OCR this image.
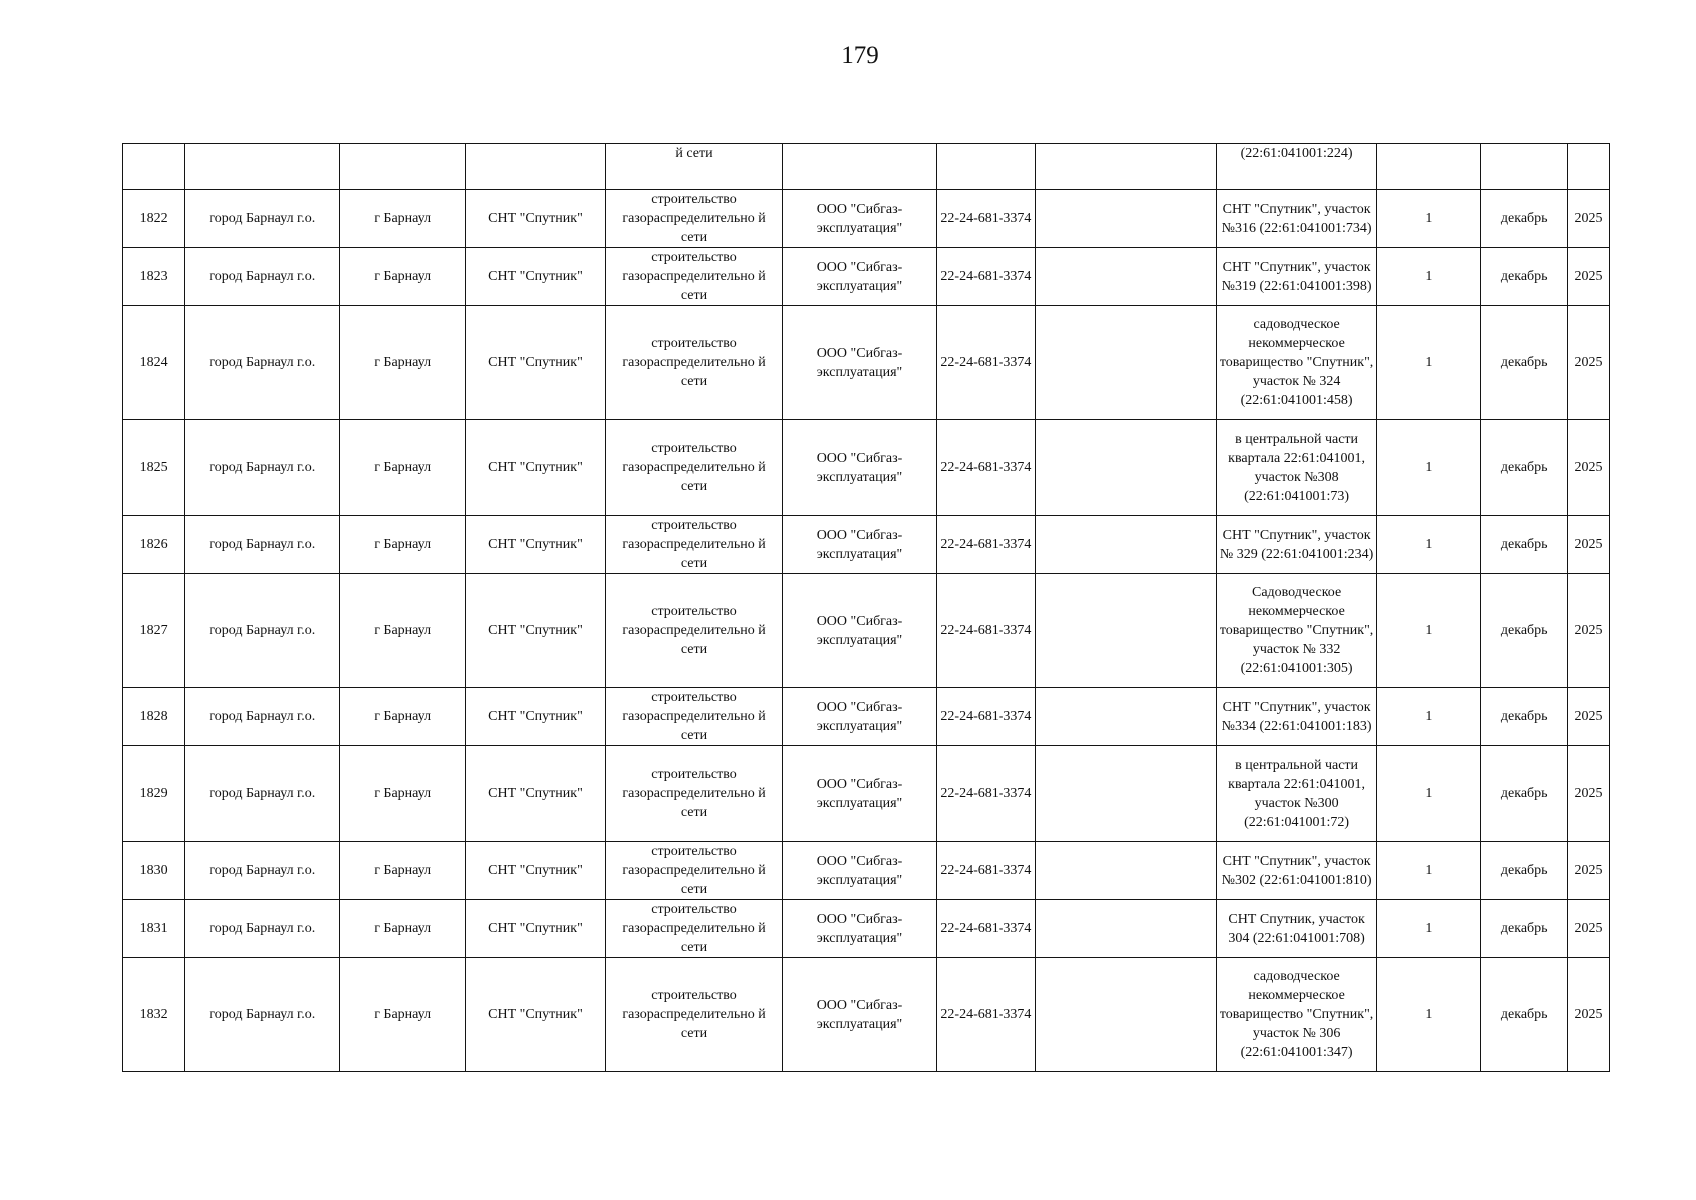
179
				й сети				(22:61:041001:224)			
1822	город Барнаул г.о.	г Барнаул	СНТ "Спутник"	строительство газораспределительно й сети	ООО "Сибгаз-эксплуатация"	22-24-681-3374		СНТ "Спутник", участок №316 (22:61:041001:734)	1	декабрь	2025
1823	город Барнаул г.о.	г Барнаул	СНТ "Спутник"	строительство газораспределительно й сети	ООО "Сибгаз-эксплуатация"	22-24-681-3374		СНТ "Спутник", участок №319 (22:61:041001:398)	1	декабрь	2025
1824	город Барнаул г.о.	г Барнаул	СНТ "Спутник"	строительство газораспределительно й сети	ООО "Сибгаз-эксплуатация"	22-24-681-3374		садоводческое некоммерческое товарищество "Спутник", участок № 324 (22:61:041001:458)	1	декабрь	2025
1825	город Барнаул г.о.	г Барнаул	СНТ "Спутник"	строительство газораспределительно й сети	ООО "Сибгаз-эксплуатация"	22-24-681-3374		в центральной части квартала 22:61:041001, участок №308 (22:61:041001:73)	1	декабрь	2025
1826	город Барнаул г.о.	г Барнаул	СНТ "Спутник"	строительство газораспределительно й сети	ООО "Сибгаз-эксплуатация"	22-24-681-3374		СНТ "Спутник", участок № 329 (22:61:041001:234)	1	декабрь	2025
1827	город Барнаул г.о.	г Барнаул	СНТ "Спутник"	строительство газораспределительно й сети	ООО "Сибгаз-эксплуатация"	22-24-681-3374		Садоводческое некоммерческое товарищество "Спутник", участок № 332 (22:61:041001:305)	1	декабрь	2025
1828	город Барнаул г.о.	г Барнаул	СНТ "Спутник"	строительство газораспределительно й сети	ООО "Сибгаз-эксплуатация"	22-24-681-3374		СНТ "Спутник", участок №334 (22:61:041001:183)	1	декабрь	2025
1829	город Барнаул г.о.	г Барнаул	СНТ "Спутник"	строительство газораспределительно й сети	ООО "Сибгаз-эксплуатация"	22-24-681-3374		в центральной части квартала 22:61:041001, участок №300 (22:61:041001:72)	1	декабрь	2025
1830	город Барнаул г.о.	г Барнаул	СНТ "Спутник"	строительство газораспределительно й сети	ООО "Сибгаз-эксплуатация"	22-24-681-3374		СНТ "Спутник", участок №302 (22:61:041001:810)	1	декабрь	2025
1831	город Барнаул г.о.	г Барнаул	СНТ "Спутник"	строительство газораспределительно й сети	ООО "Сибгаз-эксплуатация"	22-24-681-3374		СНТ Спутник, участок 304 (22:61:041001:708)	1	декабрь	2025
1832	город Барнаул г.о.	г Барнаул	СНТ "Спутник"	строительство газораспределительно й сети	ООО "Сибгаз-эксплуатация"	22-24-681-3374		садоводческое некоммерческое товарищество "Спутник", участок № 306 (22:61:041001:347)	1	декабрь	2025
